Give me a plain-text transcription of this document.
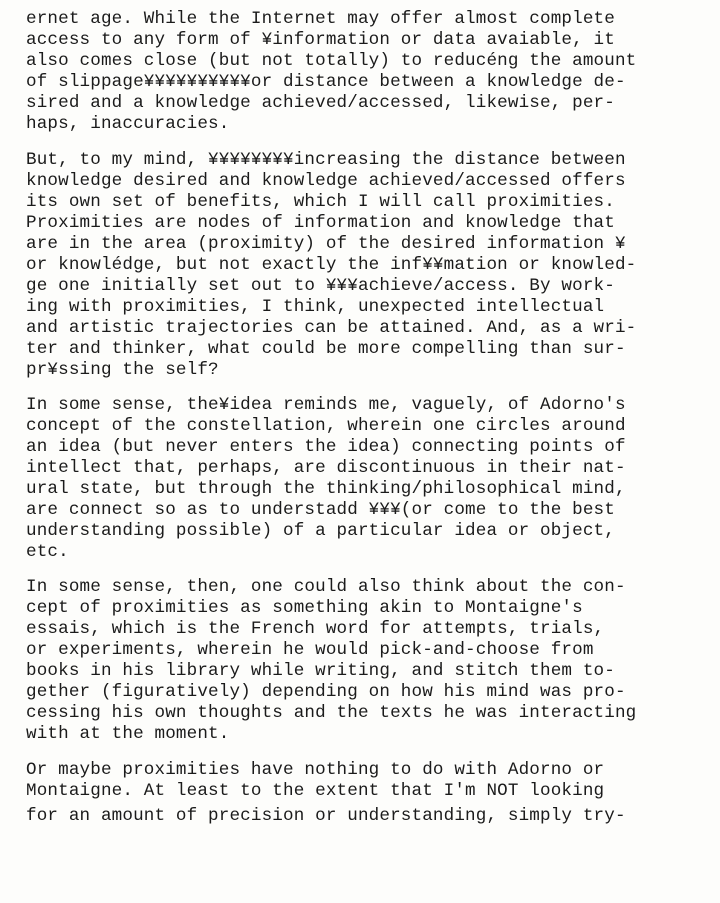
ernet age. While the Internet may offer almost complete
access to any form of ¥information or data avaiable, it
also comes close (but not totally) to reducéng the amount
of slippage¥¥¥¥¥¥¥¥¥¥or distance between a knowledge de-
sired and a knowledge achieved/accessed, likewise, per-
haps, inaccuracies.
But, to my mind, ¥¥¥¥¥¥¥¥increasing the distance between
knowledge desired and knowledge achieved/accessed offers
its own set of benefits, which I will call proximities.
Proximities are nodes of information and knowledge that
are in the area (proximity) of the desired information ¥
or knowlédge, but not exactly the inf¥¥mation or knowled-
ge one initially set out to ¥¥¥achieve/access. By work-
ing with proximities, I think, unexpected intellectual
and artistic trajectories can be attained. And, as a wri-
ter and thinker, what could be more compelling than sur-
pr¥ssing the self?
In some sense, the¥idea reminds me, vaguely, of Adorno's
concept of the constellation, wherein one circles around
an idea (but never enters the idea) connecting points of
intellect that, perhaps, are discontinuous in their nat-
ural state, but through the thinking/philosophical mind,
are connect so as to understadd ¥¥¥(or come to the best
understanding possible) of a particular idea or object,
etc.
In some sense, then, one could also think about the con-
cept of proximities as something akin to Montaigne's
essais, which is the French word for attempts, trials,
or experiments, wherein he would pick-and-choose from
books in his library while writing, and stitch them to-
gether (figuratively) depending on how his mind was pro-
cessing his own thoughts and the texts he was interacting
with at the moment.
Or maybe proximities have nothing to do with Adorno or
Montaigne. At least to the extent that I'm NOT looking
for an amount of precision or understanding, simply try-
